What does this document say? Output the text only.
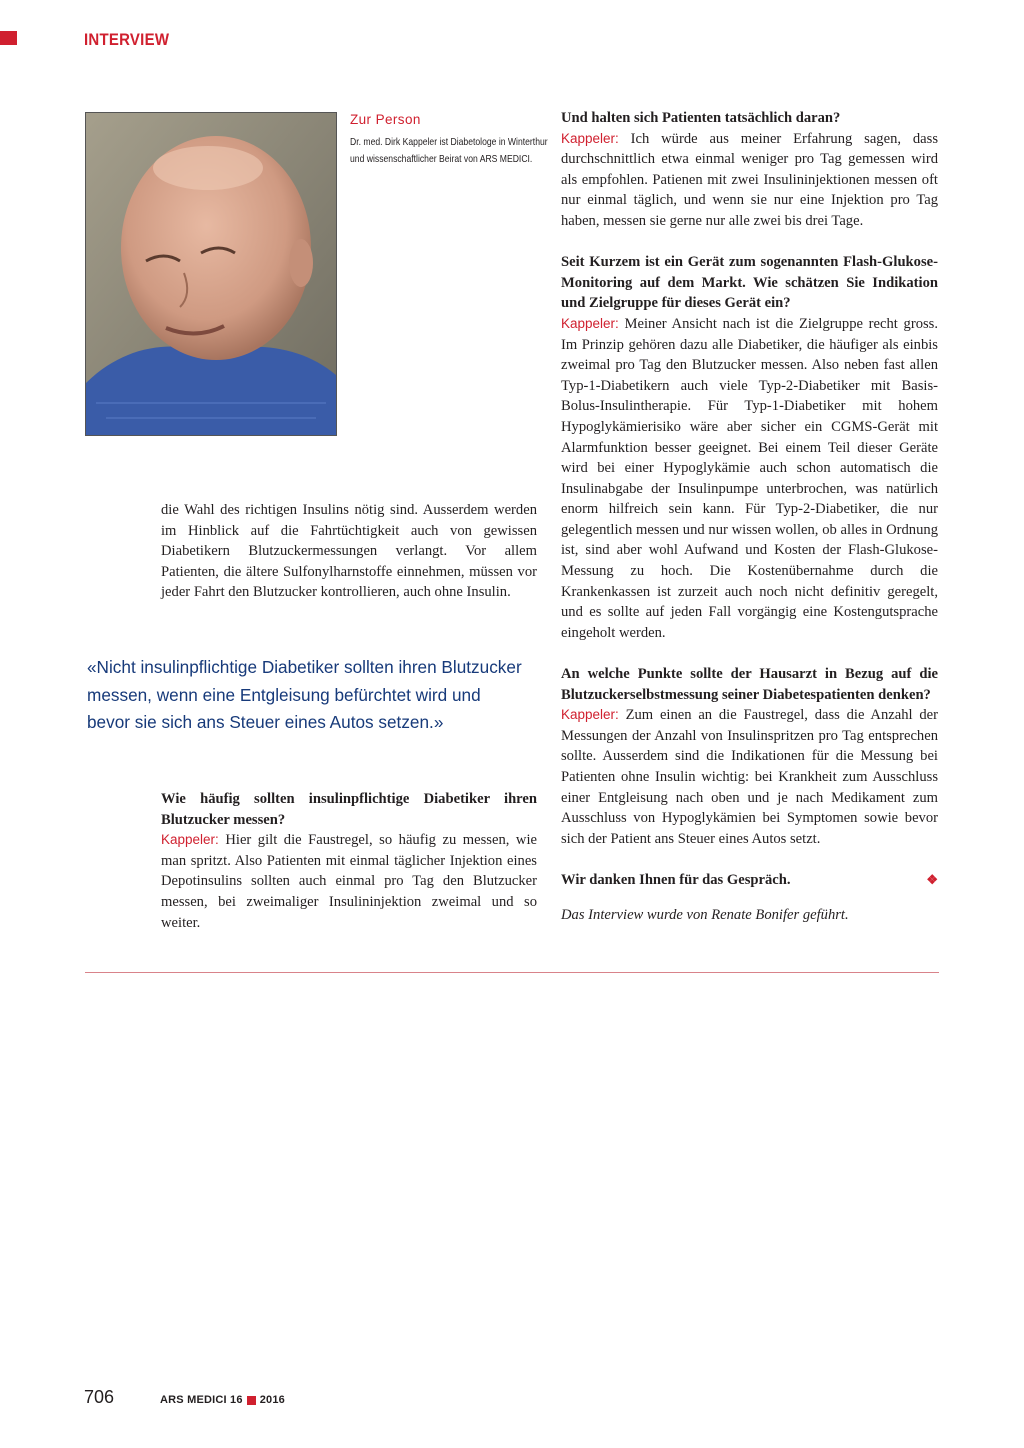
INTERVIEW
Zur Person
Dr. med. Dirk Kappeler ist Diabetologe in Winterthur und wissenschaftlicher Beirat von ARS MEDICI.

die Wahl des richtigen Insulins nötig sind. Ausserdem werden im Hinblick auf die Fahrtüchtigkeit auch von gewissen Diabetikern Blutzuckermessungen verlangt. Vor allem Patienten, die ältere Sulfonylharnstoffe einnehmen, müssen vor jeder Fahrt den Blutzucker kontrollieren, auch ohne Insulin.

«Nicht insulinpflichtige Diabetiker sollten ihren Blutzucker messen, wenn eine Entgleisung befürchtet wird und bevor sie sich ans Steuer eines Autos setzen.»

Wie häufig sollten insulinpflichtige Diabetiker ihren Blutzucker messen?

Kappeler: Hier gilt die Faustregel, so häufig zu messen, wie man spritzt. Also Patienten mit einmal täglicher Injektion eines Depotinsulins sollten auch einmal pro Tag den Blutzucker messen, bei zweimaliger Insulininjektion zweimal und so weiter.

Und halten sich Patienten tatsächlich daran?

Kappeler: Ich würde aus meiner Erfahrung sagen, dass durchschnittlich etwa einmal weniger pro Tag gemessen wird als empfohlen. Patienen mit zwei Insulininjektionen messen oft nur einmal täglich, und wenn sie nur eine Injektion pro Tag haben, messen sie gerne nur alle zwei bis drei Tage.

Seit Kurzem ist ein Gerät zum sogenannten Flash-Glukose-Monitoring auf dem Markt. Wie schätzen Sie Indikation und Zielgruppe für dieses Gerät ein?

Kappeler: Meiner Ansicht nach ist die Zielgruppe recht gross. Im Prinzip gehören dazu alle Diabetiker, die häufiger als einbis zweimal pro Tag den Blutzucker messen. Also neben fast allen Typ-1-Diabetikern auch viele Typ-2-Diabetiker mit Basis-Bolus-Insulintherapie. Für Typ-1-Diabetiker mit hohem Hypoglykämierisiko wäre aber sicher ein CGMS-Gerät mit Alarmfunktion besser geeignet. Bei einem Teil dieser Geräte wird bei einer Hypoglykämie auch schon automatisch die Insulinabgabe der Insulinpumpe unterbrochen, was natürlich enorm hilfreich sein kann. Für Typ-2-Diabetiker, die nur gelegentlich messen und nur wissen wollen, ob alles in Ordnung ist, sind aber wohl Aufwand und Kosten der Flash-Glukose-Messung zu hoch. Die Kostenübernahme durch die Krankenkassen ist zurzeit auch noch nicht definitiv geregelt, und es sollte auf jeden Fall vorgängig eine Kostengutsprache eingeholt werden.

An welche Punkte sollte der Hausarzt in Bezug auf die Blutzuckerselbstmessung seiner Diabetespatienten denken?

Kappeler: Zum einen an die Faustregel, dass die Anzahl der Messungen der Anzahl von Insulinspritzen pro Tag entsprechen sollte. Ausserdem sind die Indikationen für die Messung bei Patienten ohne Insulin wichtig: bei Krankheit zum Ausschluss einer Entgleisung nach oben und je nach Medikament zum Ausschluss von Hypoglykämien bei Symptomen sowie bevor sich der Patient ans Steuer eines Autos setzt.

Wir danken Ihnen für das Gespräch.	❖

Das Interview wurde von Renate Bonifer geführt.

706	ARS MEDICI 16 2016
